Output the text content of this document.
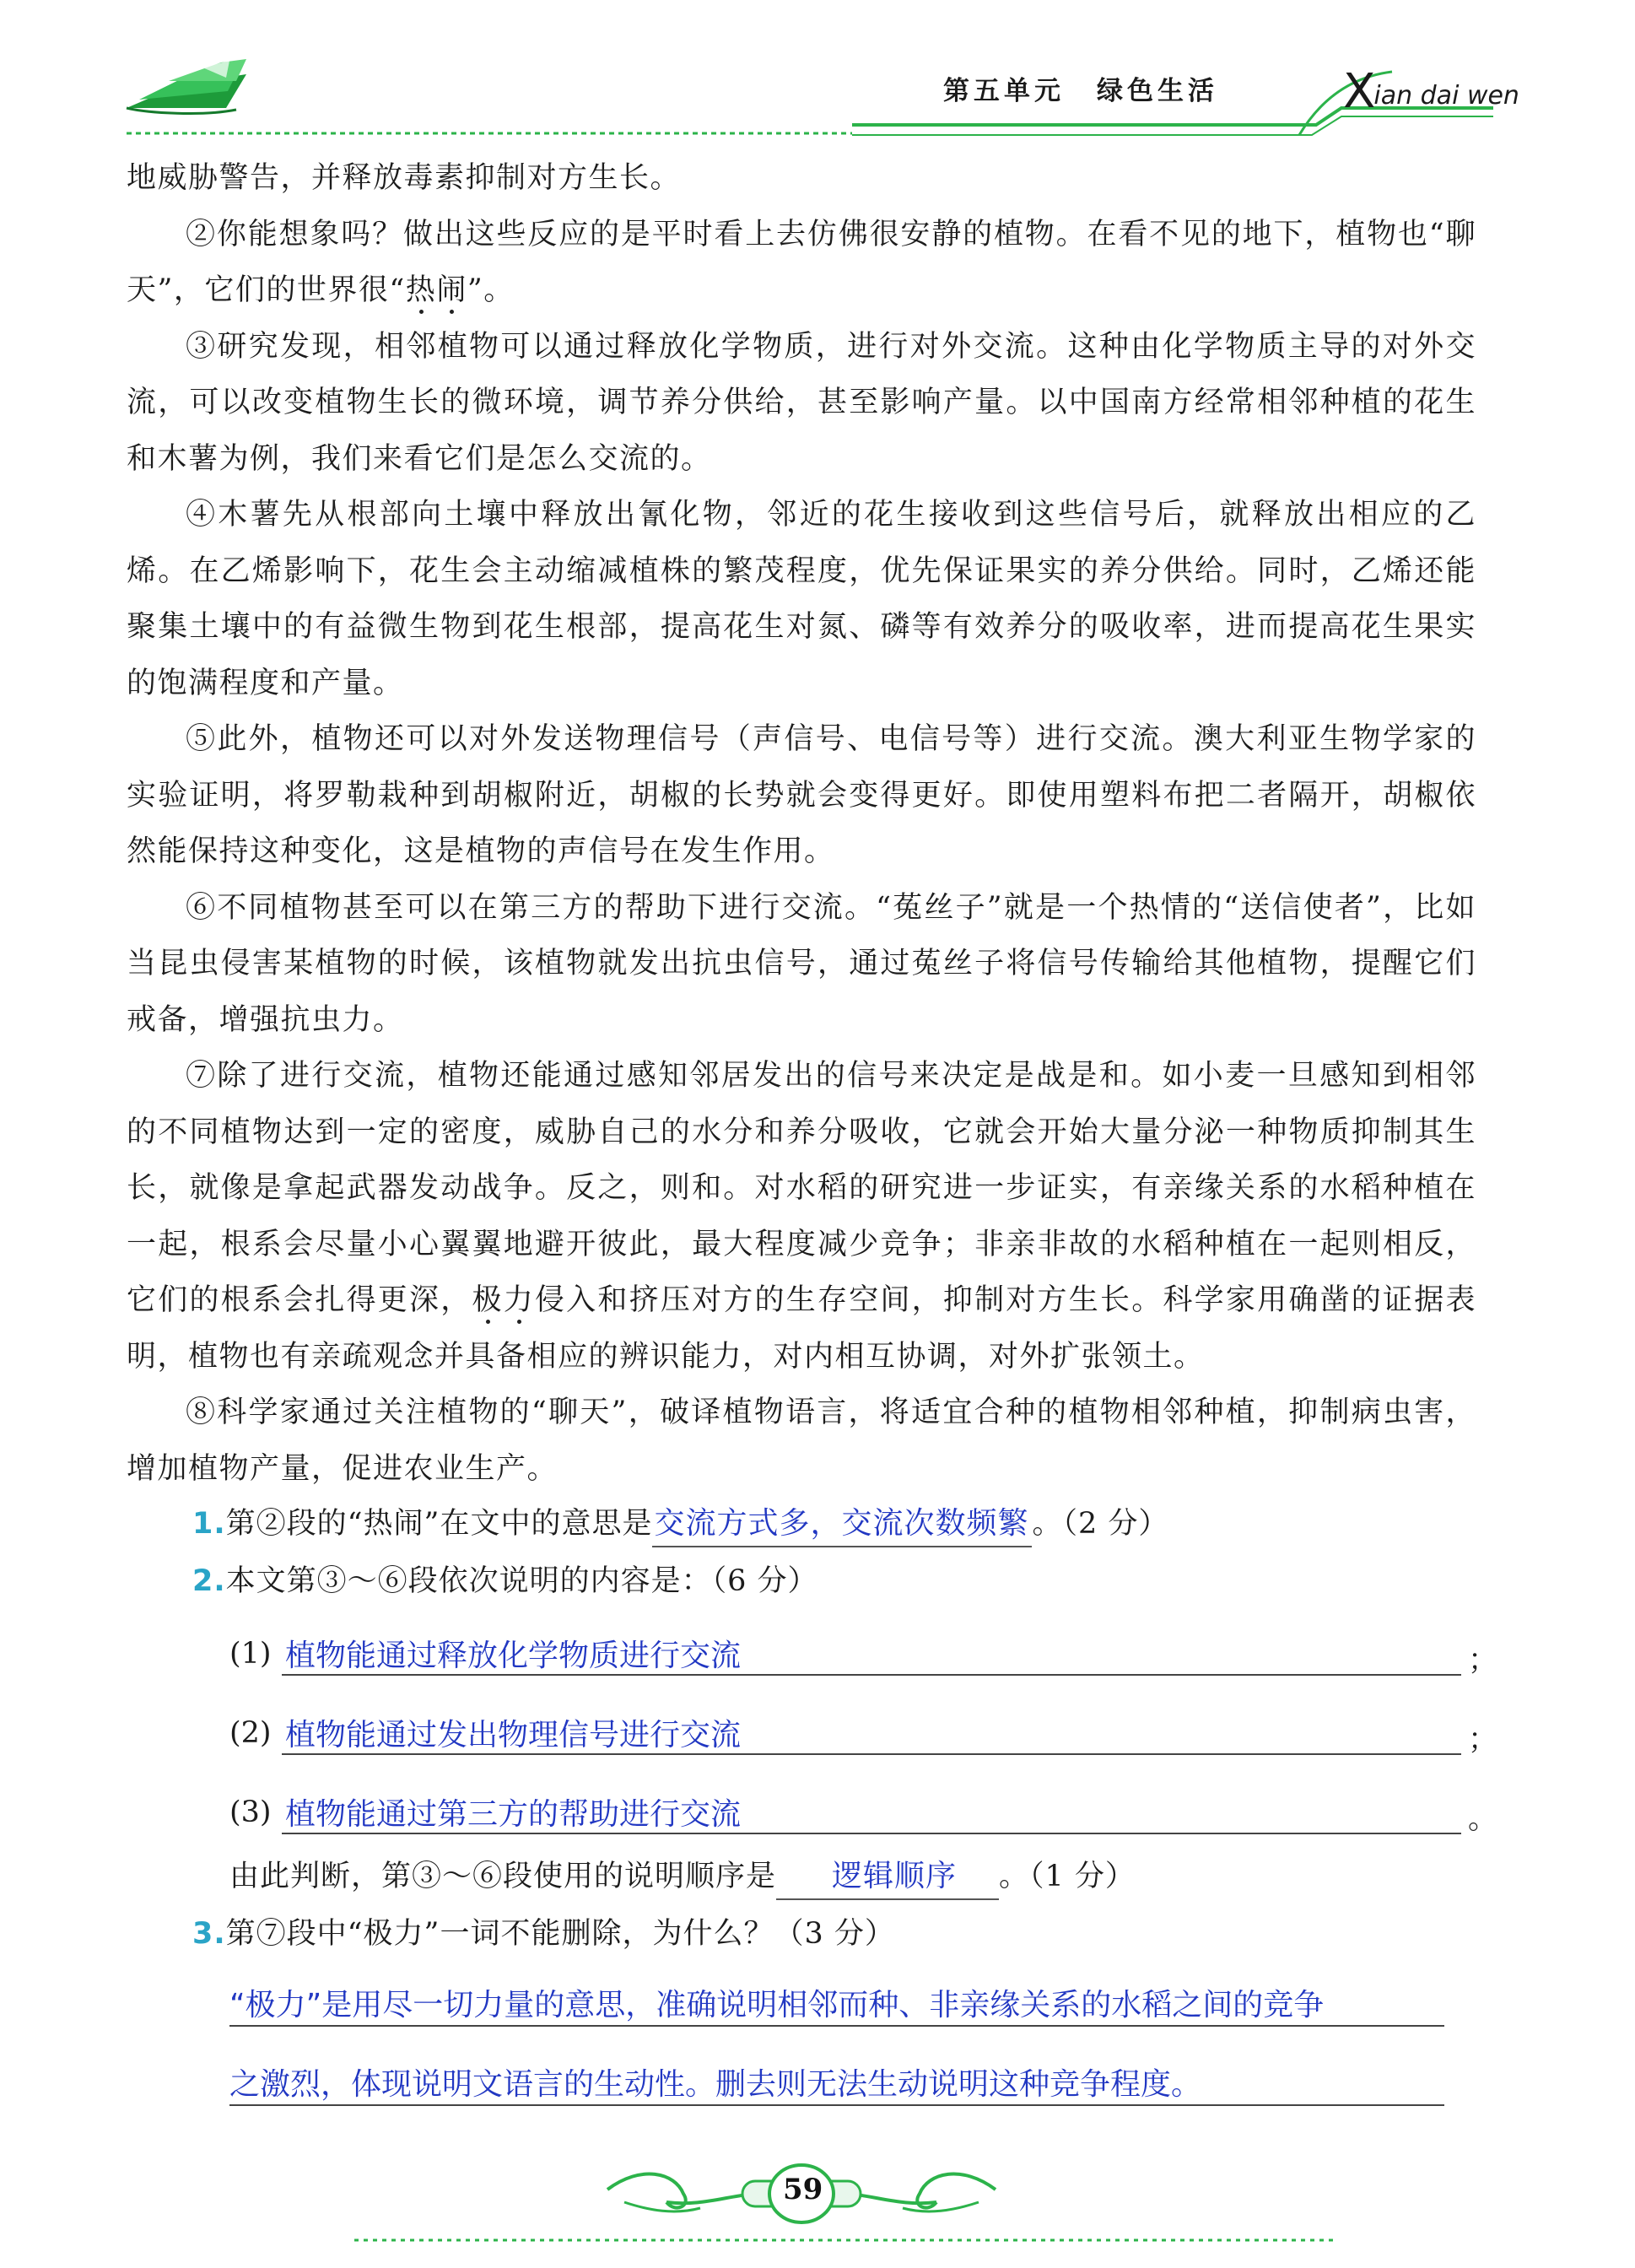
第五单元 绿色生活	Xian dai wen

地威胁警告，并释放毒素抑制对方生长。

②你能想象吗？做出这些反应的是平时看上去仿佛很安静的植物。在看不见的地下，植物也“聊天”，它们的世界很“热闹”。

③研究发现，相邻植物可以通过释放化学物质，进行对外交流。这种由化学物质主导的对外交流，可以改变植物生长的微环境，调节养分供给，甚至影响产量。以中国南方经常相邻种植的花生和木薯为例，我们来看它们是怎么交流的。

④木薯先从根部向土壤中释放出氰化物，邻近的花生接收到这些信号后，就释放出相应的乙烯。在乙烯影响下，花生会主动缩减植株的繁茂程度，优先保证果实的养分供给。同时，乙烯还能聚集土壤中的有益微生物到花生根部，提高花生对氮、磷等有效养分的吸收率，进而提高花生果实的饱满程度和产量。

⑤此外，植物还可以对外发送物理信号（声信号、电信号等）进行交流。澳大利亚生物学家的实验证明，将罗勒栽种到胡椒附近，胡椒的长势就会变得更好。即使用塑料布把二者隔开，胡椒依然能保持这种变化，这是植物的声信号在发生作用。

⑥不同植物甚至可以在第三方的帮助下进行交流。“菟丝子”就是一个热情的“送信使者”，比如当昆虫侵害某植物的时候，该植物就发出抗虫信号，通过菟丝子将信号传输给其他植物，提醒它们戒备，增强抗虫力。

⑦除了进行交流，植物还能通过感知邻居发出的信号来决定是战是和。如小麦一旦感知到相邻的不同植物达到一定的密度，威胁自己的水分和养分吸收，它就会开始大量分泌一种物质抑制其生长，就像是拿起武器发动战争。反之，则和。对水稻的研究进一步证实，有亲缘关系的水稻种植在一起，根系会尽量小心翼翼地避开彼此，最大程度减少竞争；非亲非故的水稻种植在一起则相反，它们的根系会扎得更深，极力侵入和挤压对方的生存空间，抑制对方生长。科学家用确凿的证据表明，植物也有亲疏观念并具备相应的辨识能力，对内相互协调，对外扩张领土。

⑧科学家通过关注植物的“聊天”，破译植物语言，将适宜合种的植物相邻种植，抑制病虫害，增加植物产量，促进农业生产。

1.第②段的“热闹”在文中的意思是交流方式多，交流次数频繁 。（2 分）
2.本文第③～⑥段依次说明的内容是：（6 分）
(1) 植物能通过释放化学物质进行交流	；
(2) 植物能通过发出物理信号进行交流	；
(3) 植物能通过第三方的帮助进行交流	。
由此判断，第③～⑥段使用的说明顺序是 逻辑顺序 。（1 分）
3.第⑦段中“极力”一词不能删除，为什么？（3 分）
“极力”是用尽一切力量的意思，准确说明相邻而种、非亲缘关系的水稻之间的竞争
之激烈，体现说明文语言的生动性。删去则无法生动说明这种竞争程度。
59
